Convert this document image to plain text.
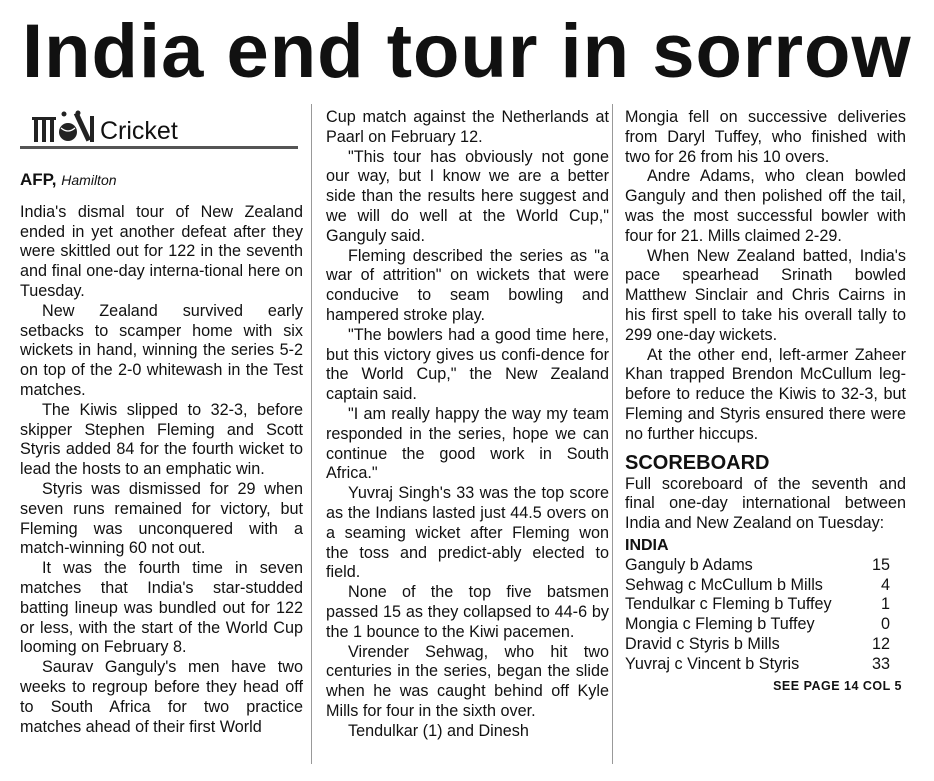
India end tour in sorrow
Cricket
AFP, Hamilton

India's dismal tour of New Zealand ended in yet another defeat after they were skittled out for 122 in the seventh and final one-day interna-tional here on Tuesday.

New Zealand survived early setbacks to scamper home with six wickets in hand, winning the series 5-2 on top of the 2-0 whitewash in the Test matches.

The Kiwis slipped to 32-3, before skipper Stephen Fleming and Scott Styris added 84 for the fourth wicket to lead the hosts to an emphatic win.

Styris was dismissed for 29 when seven runs remained for victory, but Fleming was unconquered with a match-winning 60 not out.

It was the fourth time in seven matches that India's star-studded batting lineup was bundled out for 122 or less, with the start of the World Cup looming on February 8.

Saurav Ganguly's men have two weeks to regroup before they head off to South Africa for two practice matches ahead of their first World

Cup match against the Netherlands at Paarl on February 12.

"This tour has obviously not gone our way, but I know we are a better side than the results here suggest and we will do well at the World Cup," Ganguly said.

Fleming described the series as "a war of attrition" on wickets that were conducive to seam bowling and hampered stroke play.

"The bowlers had a good time here, but this victory gives us confi-dence for the World Cup," the New Zealand captain said.

"I am really happy the way my team responded in the series, hope we can continue the good work in South Africa."

Yuvraj Singh's 33 was the top score as the Indians lasted just 44.5 overs on a seaming wicket after Fleming won the toss and predict-ably elected to field.

None of the top five batsmen passed 15 as they collapsed to 44-6 by the 1 bounce to the Kiwi pacemen.

Virender Sehwag, who hit two centuries in the series, began the slide when he was caught behind off Kyle Mills for four in the sixth over.

Tendulkar (1) and Dinesh

Mongia fell on successive deliveries from Daryl Tuffey, who finished with two for 26 from his 10 overs.

Andre Adams, who clean bowled Ganguly and then polished off the tail, was the most successful bowler with four for 21. Mills claimed 2-29.

When New Zealand batted, India's pace spearhead Srinath bowled Matthew Sinclair and Chris Cairns in his first spell to take his overall tally to 299 one-day wickets.

At the other end, left-armer Zaheer Khan trapped Brendon McCullum leg-before to reduce the Kiwis to 32-3, but Fleming and Styris ensured there were no further hiccups.

SCOREBOARD

Full scoreboard of the seventh and final one-day international between India and New Zealand on Tuesday:

INDIA
Ganguly b Adams	15
Sehwag c McCullum b Mills	4
Tendulkar c Fleming b Tuffey	1
Mongia c Fleming b Tuffey	0
Dravid c Styris b Mills	12
Yuvraj c Vincent b Styris	33
SEE PAGE 14 COL 5
